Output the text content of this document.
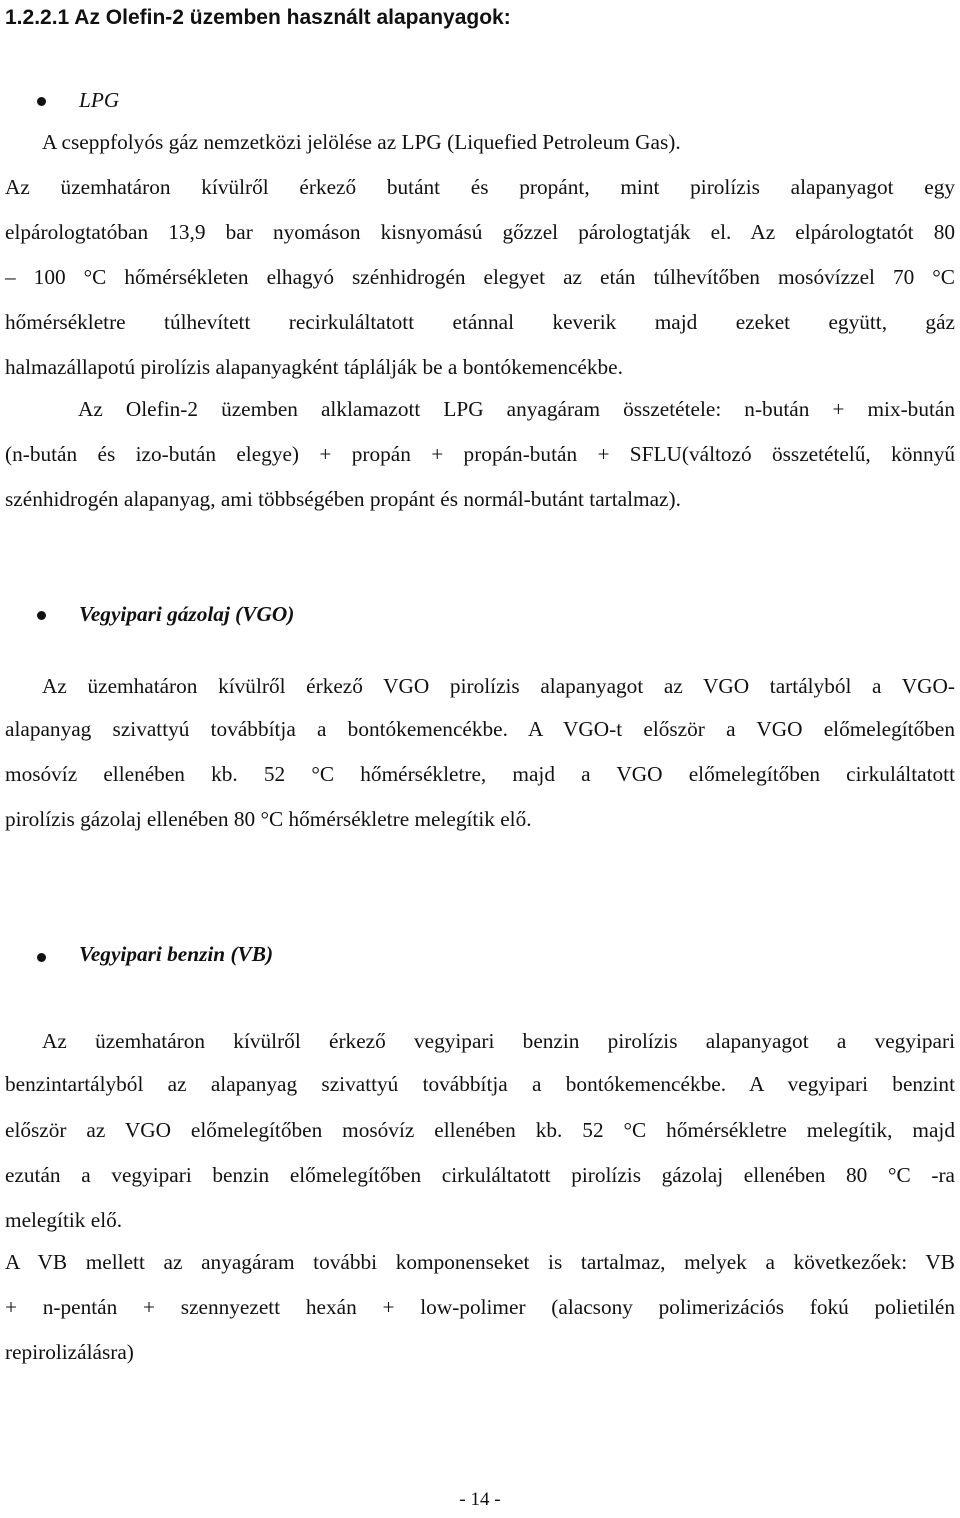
1.2.2.1 Az Olefin-2 üzemben használt alapanyagok:
LPG
A cseppfolyós gáz nemzetközi jelölése az LPG (Liquefied Petroleum Gas).
Az üzemhatáron kívülről érkező butánt és propánt, mint pirolízis alapanyagot egy
elpárologtatóban 13,9 bar nyomáson kisnyomású gőzzel párologtatják el. Az elpárologtatót 80
– 100 °C hőmérsékleten elhagyó szénhidrogén elegyet az etán túlhevítőben mosóvízzel 70 °C
hőmérsékletre túlhevített recirkuláltatott etánnal keverik majd ezeket együtt, gáz
halmazállapotú pirolízis alapanyagként táplálják be a bontókemencékbe.
Az Olefin-2 üzemben alklamazott LPG anyagáram összetétele: n-bután + mix-bután
(n-bután és izo-bután elegye) + propán + propán-bután + SFLU(változó összetételű, könnyű
szénhidrogén alapanyag, ami többségében propánt és normál-butánt tartalmaz).
Vegyipari gázolaj (VGO)
Az üzemhatáron kívülről érkező VGO pirolízis alapanyagot az VGO tartályból a VGO-
alapanyag szivattyú továbbítja a bontókemencékbe. A VGO-t először a VGO előmelegítőben
mosóvíz ellenében kb. 52 °C hőmérsékletre, majd a VGO előmelegítőben cirkuláltatott
pirolízis gázolaj ellenében 80 °C hőmérsékletre melegítik elő.
Vegyipari benzin (VB)
Az üzemhatáron kívülről érkező vegyipari benzin pirolízis alapanyagot a vegyipari
benzintartályból az alapanyag szivattyú továbbítja a bontókemencékbe. A vegyipari benzint
először az VGO előmelegítőben mosóvíz ellenében kb. 52 °C hőmérsékletre melegítik, majd
ezután a vegyipari benzin előmelegítőben cirkuláltatott pirolízis gázolaj ellenében 80 °C -ra
melegítik elő.
A VB mellett az anyagáram további komponenseket is tartalmaz, melyek a következőek: VB
+ n-pentán + szennyezett hexán + low-polimer (alacsony polimerizációs fokú polietilén
repirolizálásra)
- 14 -
